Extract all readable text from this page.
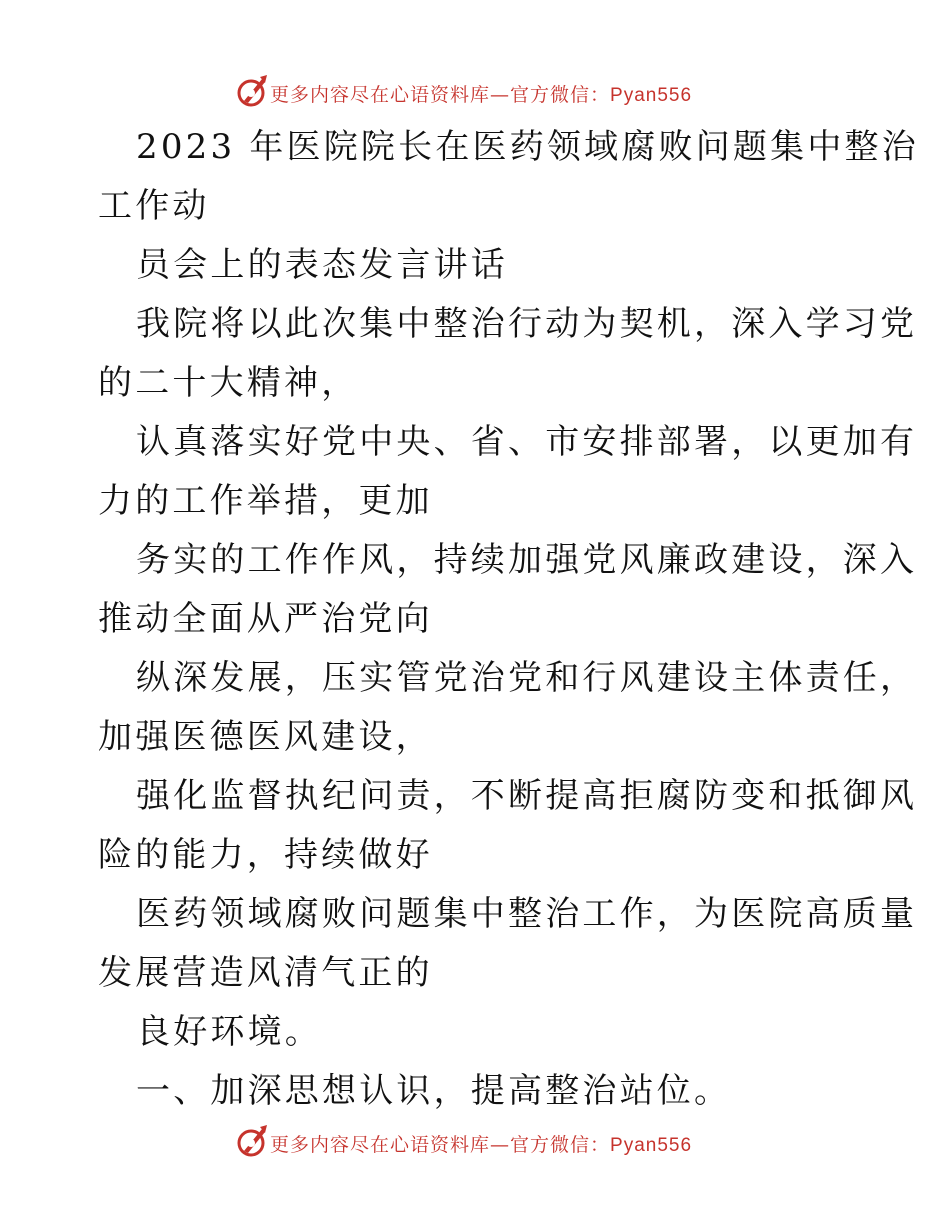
更多内容尽在心语资料库—官方微信：Pyan556
2023 年医院院长在医药领域腐败问题集中整治
工作动
员会上的表态发言讲话
我院将以此次集中整治行动为契机，深入学习党
的二十大精神，
认真落实好党中央、省、市安排部署，以更加有
力的工作举措，更加
务实的工作作风，持续加强党风廉政建设，深入
推动全面从严治党向
纵深发展，压实管党治党和行风建设主体责任，
加强医德医风建设，
强化监督执纪问责，不断提高拒腐防变和抵御风
险的能力，持续做好
医药领域腐败问题集中整治工作，为医院高质量
发展营造风清气正的
良好环境。
一、加深思想认识，提高整治站位。
更多内容尽在心语资料库—官方微信：Pyan556
